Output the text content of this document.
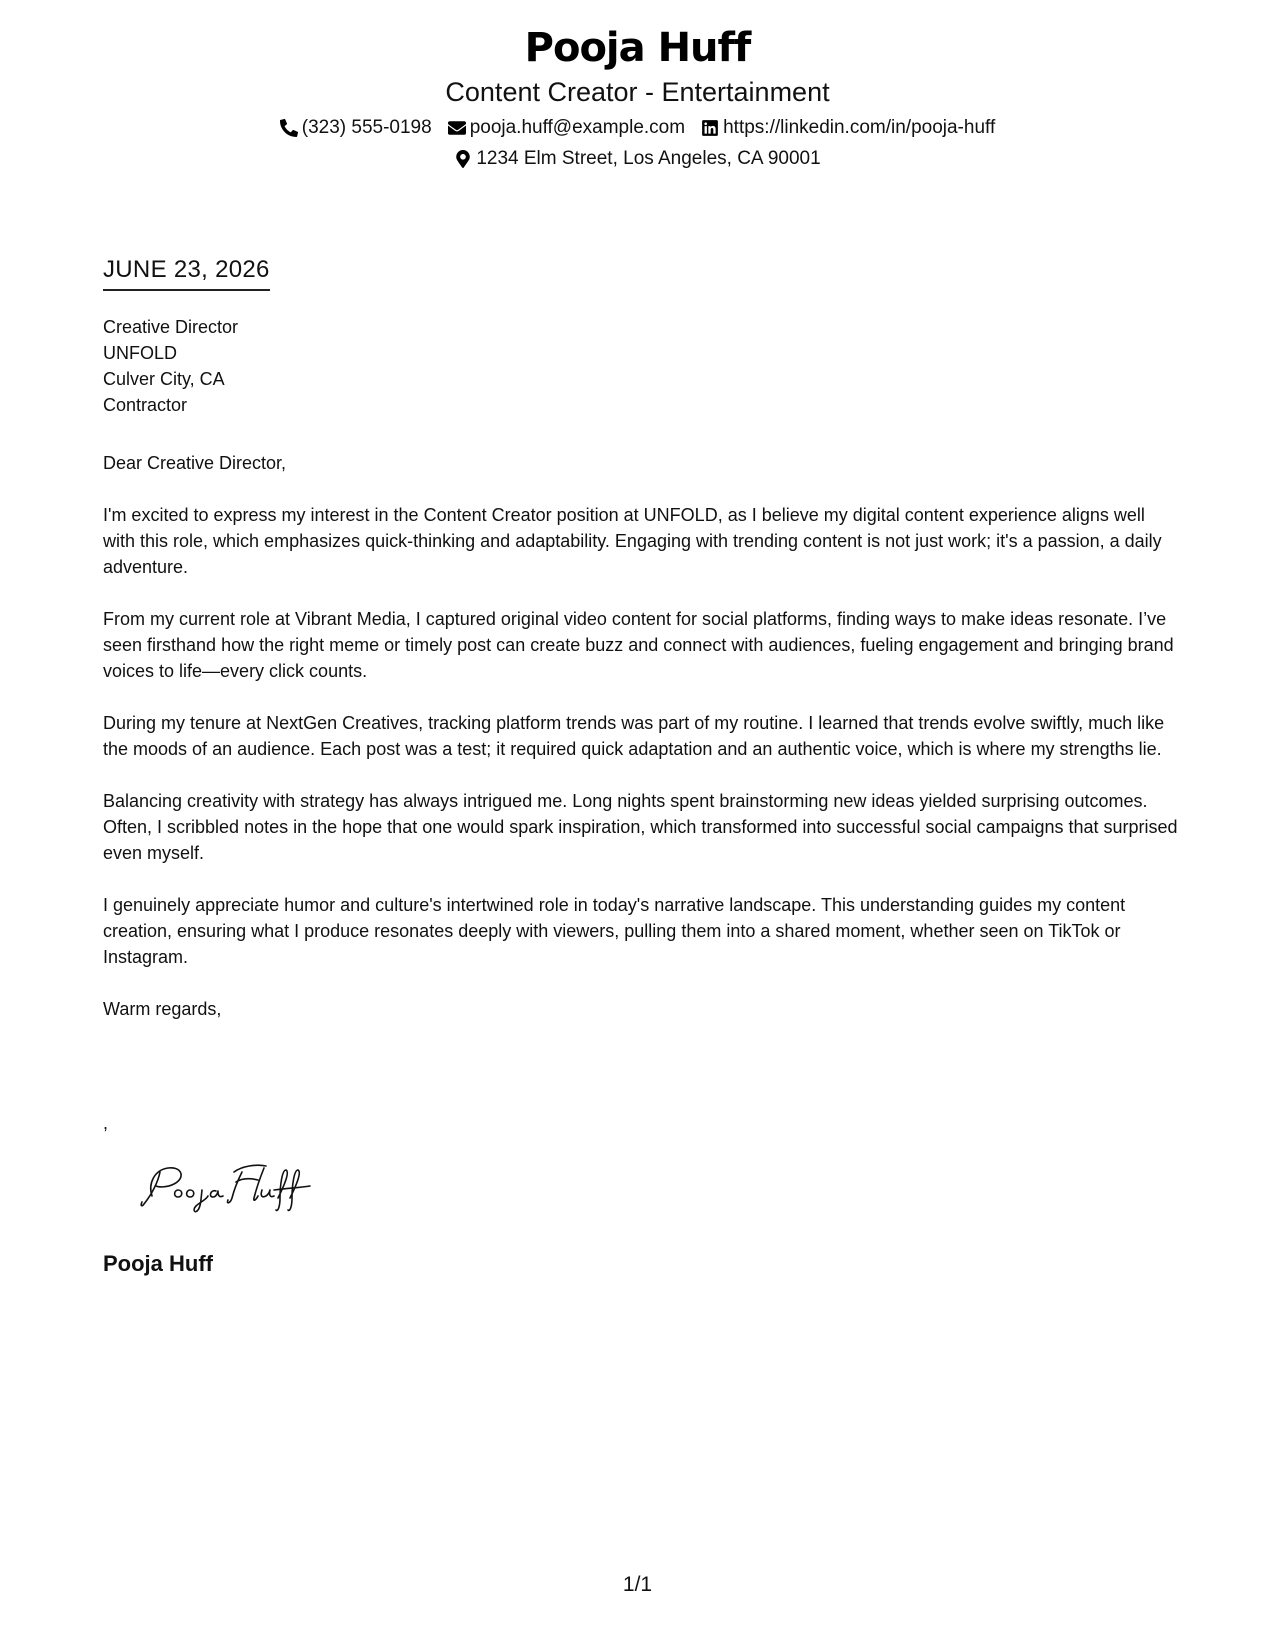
Pooja Huff
Content Creator - Entertainment
(323) 555-0198 pooja.huff@example.com https://linkedin.com/in/pooja-huff
1234 Elm Street, Los Angeles, CA 90001
JUNE 23, 2026
Creative Director
UNFOLD
Culver City, CA
Contractor

Dear Creative Director,

I'm excited to express my interest in the Content Creator position at UNFOLD, as I believe my digital content experience aligns well with this role, which emphasizes quick-thinking and adaptability. Engaging with trending content is not just work; it's a passion, a daily adventure.

From my current role at Vibrant Media, I captured original video content for social platforms, finding ways to make ideas resonate. I’ve seen firsthand how the right meme or timely post can create buzz and connect with audiences, fueling engagement and bringing brand voices to life—every click counts.

During my tenure at NextGen Creatives, tracking platform trends was part of my routine. I learned that trends evolve swiftly, much like the moods of an audience. Each post was a test; it required quick adaptation and an authentic voice, which is where my strengths lie.

Balancing creativity with strategy has always intrigued me. Long nights spent brainstorming new ideas yielded surprising outcomes. Often, I scribbled notes in the hope that one would spark inspiration, which transformed into successful social campaigns that surprised even myself.

I genuinely appreciate humor and culture's intertwined role in today's narrative landscape. This understanding guides my content creation, ensuring what I produce resonates deeply with viewers, pulling them into a shared moment, whether seen on TikTok or Instagram.

Warm regards,

,
Pooja Huff
1/1
